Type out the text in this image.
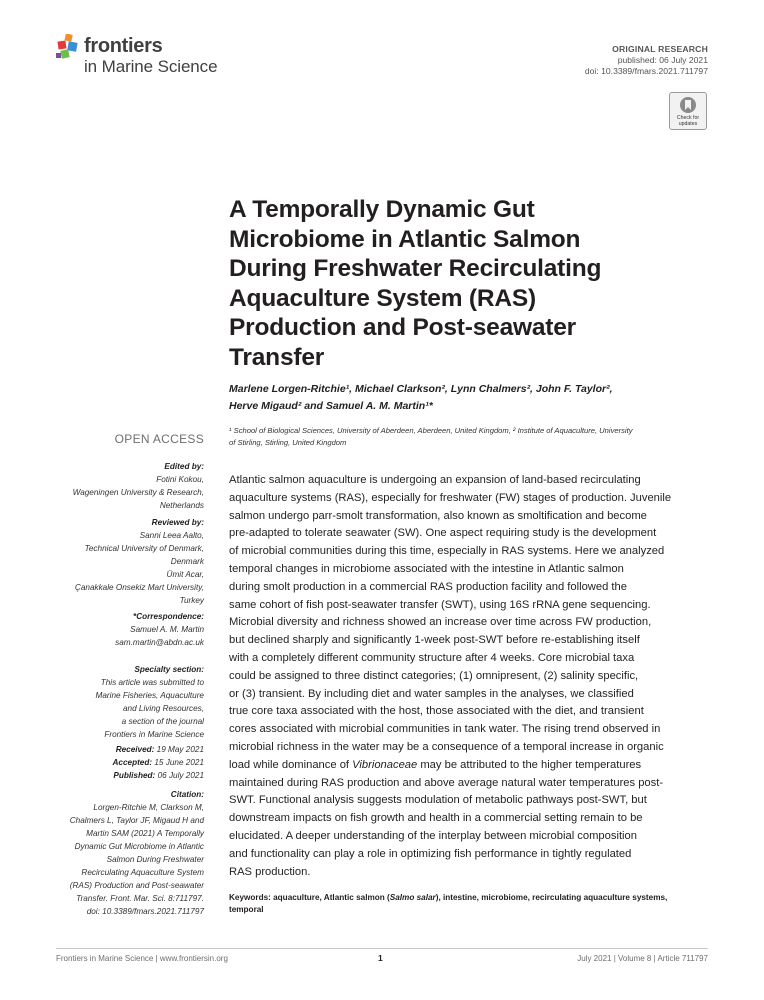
frontiers
in Marine Science
ORIGINAL RESEARCH
published: 06 July 2021
doi: 10.3389/fmars.2021.711797
Check for
updates
A Temporally Dynamic Gut
Microbiome in Atlantic Salmon
During Freshwater Recirculating
Aquaculture System (RAS)
Production and Post-seawater
Transfer
Marlene Lorgen-Ritchie¹, Michael Clarkson², Lynn Chalmers², John F. Taylor²,
Herve Migaud² and Samuel A. M. Martin¹*
¹ School of Biological Sciences, University of Aberdeen, Aberdeen, United Kingdom, ² Institute of Aquaculture, University
of Stirling, Stirling, United Kingdom
OPEN ACCESS
Edited by:
Fotini Kokou,
Wageningen University & Research,
Netherlands
Reviewed by:
Sanni Leea Aalto,
Technical University of Denmark,
Denmark
Ümit Acar,
Çanakkale Onsekiz Mart University,
Turkey
*Correspondence:
Samuel A. M. Martin
sam.martin@abdn.ac.uk
Specialty section:
This article was submitted to
Marine Fisheries, Aquaculture
and Living Resources,
a section of the journal
Frontiers in Marine Science
Received: 19 May 2021
Accepted: 15 June 2021
Published: 06 July 2021
Citation:
Lorgen-Ritchie M, Clarkson M,
Chalmers L, Taylor JF, Migaud H and
Martin SAM (2021) A Temporally
Dynamic Gut Microbiome in Atlantic
Salmon During Freshwater
Recirculating Aquaculture System
(RAS) Production and Post-seawater
Transfer. Front. Mar. Sci. 8:711797.
doi: 10.3389/fmars.2021.711797
Atlantic salmon aquaculture is undergoing an expansion of land-based recirculating
aquaculture systems (RAS), especially for freshwater (FW) stages of production. Juvenile
salmon undergo parr-smolt transformation, also known as smoltification and become
pre-adapted to tolerate seawater (SW). One aspect requiring study is the development
of microbial communities during this time, especially in RAS systems. Here we analyzed
temporal changes in microbiome associated with the intestine in Atlantic salmon
during smolt production in a commercial RAS production facility and followed the
same cohort of fish post-seawater transfer (SWT), using 16S rRNA gene sequencing.
Microbial diversity and richness showed an increase over time across FW production,
but declined sharply and significantly 1-week post-SWT before re-establishing itself
with a completely different community structure after 4 weeks. Core microbial taxa
could be assigned to three distinct categories; (1) omnipresent, (2) salinity specific,
or (3) transient. By including diet and water samples in the analyses, we classified
true core taxa associated with the host, those associated with the diet, and transient
cores associated with microbial communities in tank water. The rising trend observed in
microbial richness in the water may be a consequence of a temporal increase in organic
load while dominance of Vibrionaceae may be attributed to the higher temperatures
maintained during RAS production and above average natural water temperatures post-
SWT. Functional analysis suggests modulation of metabolic pathways post-SWT, but
downstream impacts on fish growth and health in a commercial setting remain to be
elucidated. A deeper understanding of the interplay between microbial composition
and functionality can play a role in optimizing fish performance in tightly regulated
RAS production.
Keywords: aquaculture, Atlantic salmon (Salmo salar), intestine, microbiome, recirculating aquaculture systems,
temporal
Frontiers in Marine Science | www.frontiersin.org	1	July 2021 | Volume 8 | Article 711797
